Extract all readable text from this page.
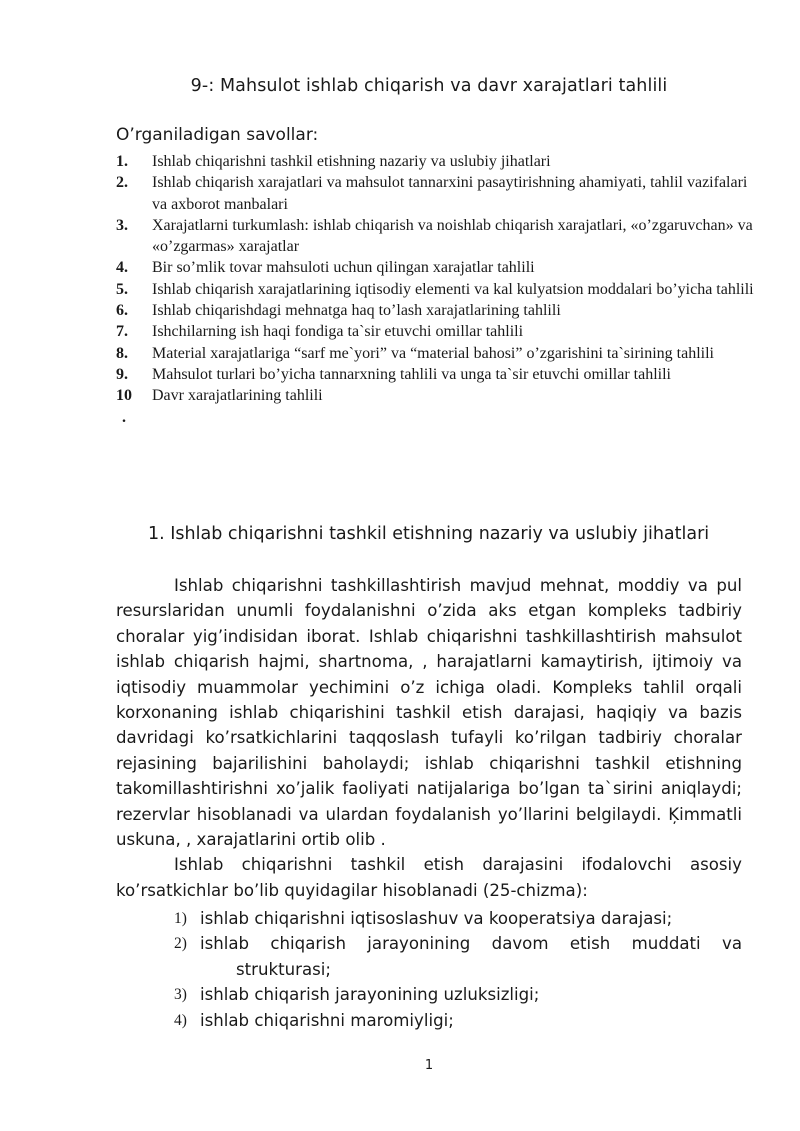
9-: Mahsulot ishlab chiqarish va davr xarajatlari tahlili
O’rganiladigan savollar:
1.	Ishlab chiqarishni tashkil etishning nazariy va uslubiy jihatlari
2.	Ishlab chiqarish xarajatlari va mahsulot tannarxini pasaytirishning ahamiyati, tahlil vazifalari va axborot manbalari
3.	Xarajatlarni turkumlash: ishlab chiqarish va noishlab chiqarish xarajatlari, «o’zgaruvchan» va «o’zgarmas» xarajatlar
4.	Bir so’mlik tovar mahsuloti uchun qilingan xarajatlar tahlili
5.	Ishlab chiqarish xarajatlarining iqtisodiy elementi va kal kulyatsion moddalari bo’yicha tahlili
6.	Ishlab chiqarishdagi mehnatga haq to’lash xarajatlarining tahlili
7.	Ishchilarning ish haqi fondiga ta`sir etuvchi omillar tahlili
8.	Material xarajatlariga “sarf me`yori” va “material bahosi” o’zgarishini ta`sirining tahlili
9.	Mahsulot turlari bo’yicha tannarxning tahlili va unga ta`sir etuvchi omillar tahlili
10
.
Davr xarajatlarining tahlili
1. Ishlab chiqarishni tashkil etishning nazariy va uslubiy jihatlari

Ishlab chiqarishni tashkillashtirish mavjud mehnat, moddiy va pul resurslaridan unumli foydalanishni o’zida aks etgan kompleks tadbiriy choralar yig’indisidan iborat. Ishlab chiqarishni tashkillashtirish mahsulot ishlab chiqarish hajmi, shartnoma, , harajatlarni kamaytirish, ijtimoiy va iqtisodiy muammolar yechimini o’z ichiga oladi. Kompleks tahlil orqali korxonaning ishlab chiqarishini tashkil etish darajasi, haqiqiy va bazis davridagi ko’rsatkichlarini taqqoslash tufayli ko’rilgan tadbiriy choralar rejasining bajarilishini baholaydi; ishlab chiqarishni tashkil etishning takomillashtirishni xo’jalik faoliyati natijalariga bo’lgan ta`sirini aniqlaydi; rezervlar hisoblanadi va ulardan foydalanish yo’llarini belgilaydi. Ķimmatli uskuna, , xarajatlarini ortib olib .

Ishlab chiqarishni tashkil etish darajasini ifodalovchi asosiy ko’rsatkichlar bo’lib quyidagilar hisoblanadi (25-chizma):

1) ishlab chiqarishni iqtisoslashuv va kooperatsiya darajasi;
2) ishlab chiqarish jarayonining davom etish muddati va
strukturasi;
3) ishlab chiqarish jarayonining uzluksizligi;
4) ishlab chiqarishni maromiyligi;
1
